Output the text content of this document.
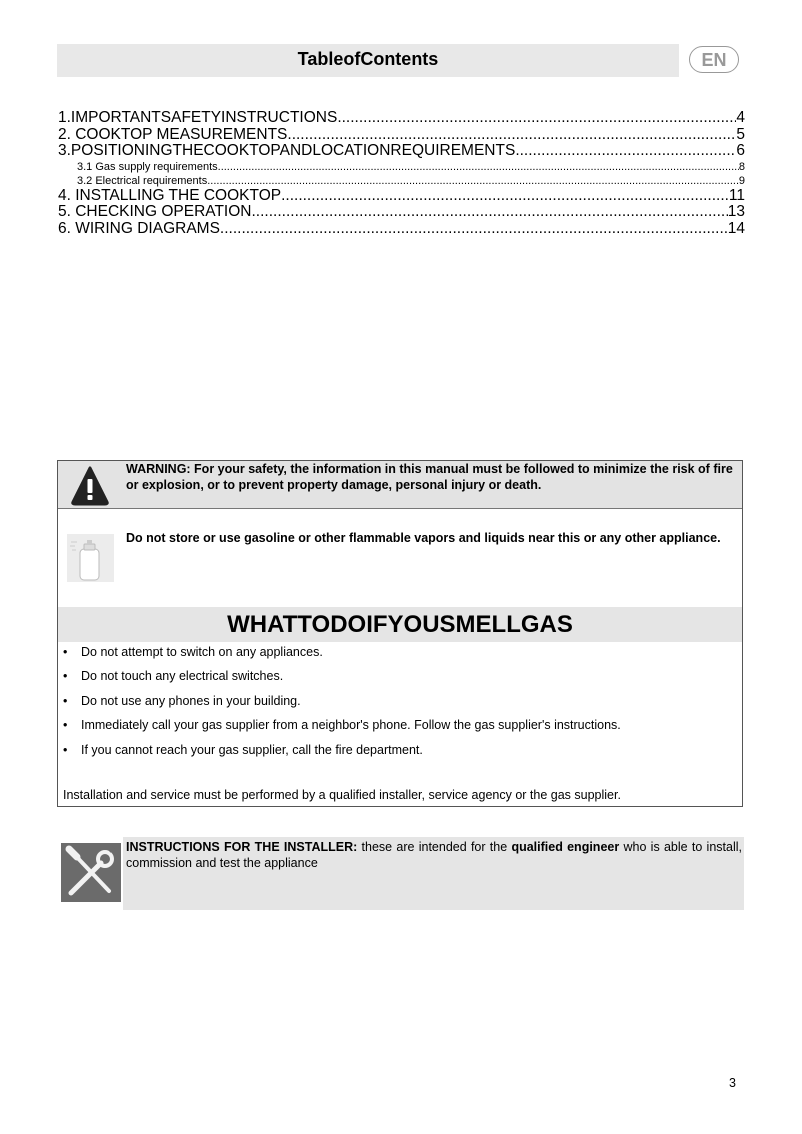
TableofContents	EN
1.IMPORTANTSAFETYINSTRUCTIONS .....	4
2. COOKTOP MEASUREMENTS .....	5
3.POSITIONINGTHECOOKTOPANDLOCATIONREQUIREMENTS .....	6
3.1 Gas supply requirements .....	8
3.2 Electrical requirements .....	9
4. INSTALLING THE COOKTOP .....	11
5. CHECKING OPERATION .....	13
6. WIRING DIAGRAMS .....	14
WARNING: For your safety, the information in this manual must be followed to minimize the risk of fire or explosion, or to prevent property damage, personal injury or death.
Do not store or use gasoline or other flammable vapors and liquids near this or any other appliance.
WHATTODOIFYOUSMELLGAS
• Do not attempt to switch on any appliances.
• Do not touch any electrical switches.
• Do not use any phones in your building.
• Immediately call your gas supplier from a neighbor's phone. Follow the gas supplier's instructions.
• If you cannot reach your gas supplier, call the fire department.
Installation and service must be performed by a qualified installer, service agency or the gas supplier.
INSTRUCTIONS FOR THE INSTALLER: these are intended for the qualified engineer who is able to install, commission and test the appliance
3
